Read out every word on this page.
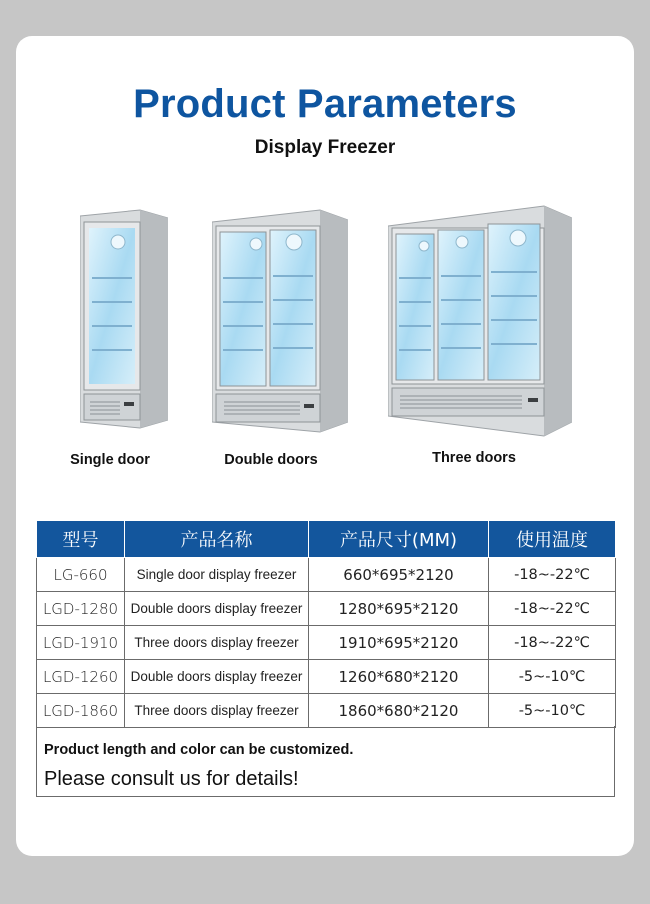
Product Parameters
Display Freezer
Single door	Double doors	Three doors
型号	产品名称	产品尺寸(MM)	使用温度
LG-660	Single door display freezer	660*695*2120	-18~-22℃
LGD-1280	Double doors display freezer	1280*695*2120	-18~-22℃
LGD-1910	Three doors display freezer	1910*695*2120	-18~-22℃
LGD-1260	Double doors display freezer	1260*680*2120	-5~-10℃
LGD-1860	Three doors display freezer	1860*680*2120	-5~-10℃
Product length and color can be customized.
Please consult us for details!
